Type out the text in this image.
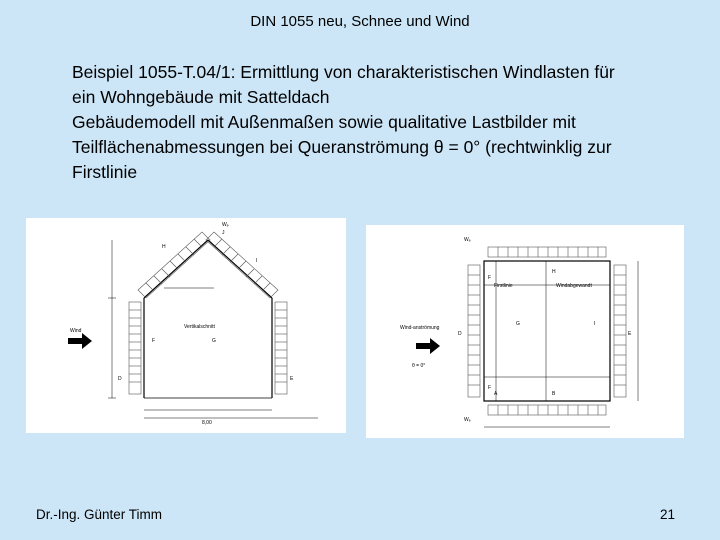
DIN 1055 neu, Schnee und Wind
Beispiel 1055-T.04/1: Ermittlung von charakteristischen Windlasten für
ein Wohngebäude mit Satteldach
Gebäudemodell mit Außenmaßen sowie qualitative Lastbilder mit
Teilflächenabmessungen bei Queranströmung θ = 0° (rechtwinklig zur
Firstlinie
Wind
Vertikalschnitt
F	G
H
I
J
D	E
Wₑ
8,00
Wind-anströmung
θ = 0°
Firstlinie	Windabgewandt
F
F
G
H
I
D	E
A	B
Wₑ
Wₑ
Dr.-Ing. Günter Timm	21
